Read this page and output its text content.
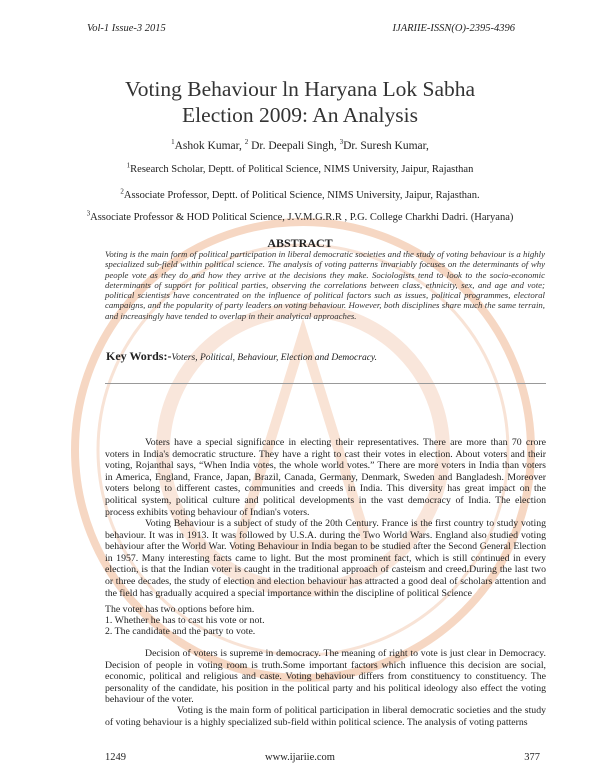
Vol-1 Issue-3 2015	IJARIIE-ISSN(O)-2395-4396
Voting Behaviour ln Haryana Lok Sabha Election 2009: An Analysis
$^1$Ashok Kumar, $^2$ Dr. Deepali Singh, $^3$Dr. Suresh Kumar,
$^1$Research Scholar, Deptt. of Political Science, NIMS University, Jaipur, Rajasthan
$^2$Associate Professor, Deptt. of Political Science, NIMS University, Jaipur, Rajasthan.
$^3$Associate Professor & HOD Political Science, J.V.M.G.R.R , P.G. College Charkhi Dadri. (Haryana)
ABSTRACT
Voting is the main form of political participation in liberal democratic societies and the study of voting behaviour is a highly specialized sub-field within political science. The analysis of voting patterns invariably focuses on the determinants of why people vote as they do and how they arrive at the decisions they make. Sociologists tend to look to the socio-economic determinants of support for political parties, observing the correlations between class, ethnicity, sex, and age and vote; political scientists have concentrated on the influence of political factors such as issues, political programmes, electoral campaigns, and the popularity of party leaders on voting behaviour. However, both disciplines share much the same terrain, and increasingly have tended to overlap in their analytical approaches.
Key Words:-Voters, Political, Behaviour, Election and Democracy.
Voters have a special significance in electing their representatives. There are more than 70 crore voters in India's democratic structure. They have a right to cast their votes in election. About voters and their voting, Rojanthal says, “When India votes, the whole world votes.” There are more voters in India than voters in America, England, France, Japan, Brazil, Canada, Germany, Denmark, Sweden and Bangladesh. Moreover voters belong to different castes, communities and creeds in India. This diversity has great impact on the political system, political culture and political developments in the vast democracy of India. The election process exhibits voting behaviour of Indian's voters.
Voting Behaviour is a subject of study of the 20th Century. France is the first country to study voting behaviour. It was in 1913. It was followed by U.S.A. during the Two World Wars. England also studied voting behaviour after the World War. Voting Behaviour in India began to be studied after the Second General Election in 1957. Many interesting facts came to light. But the most prominent fact, which is still continued in every election, is that the Indian voter is caught in the traditional approach of casteism and creed.During the last two or three decades, the study of election and election behaviour has attracted a good deal of scholars attention and the field has gradually acquired a special importance within the discipline of political Science
The voter has two options before him.
1. Whether he has to cast his vote or not.
2. The candidate and the party to vote.
Decision of voters is supreme in democracy. The meaning of right to vote is just clear in Democracy. Decision of people in voting room is truth.Some important factors which influence this decision are social, economic, political and religious and caste. Voting behaviour differs from constituency to constituency. The personality of the candidate, his position in the political party and his political ideology also effect the voting behaviour of the voter.
Voting is the main form of political participation in liberal democratic societies and the study of voting behaviour is a highly specialized sub-field within political science. The analysis of voting patterns
1249	www.ijariie.com	377
